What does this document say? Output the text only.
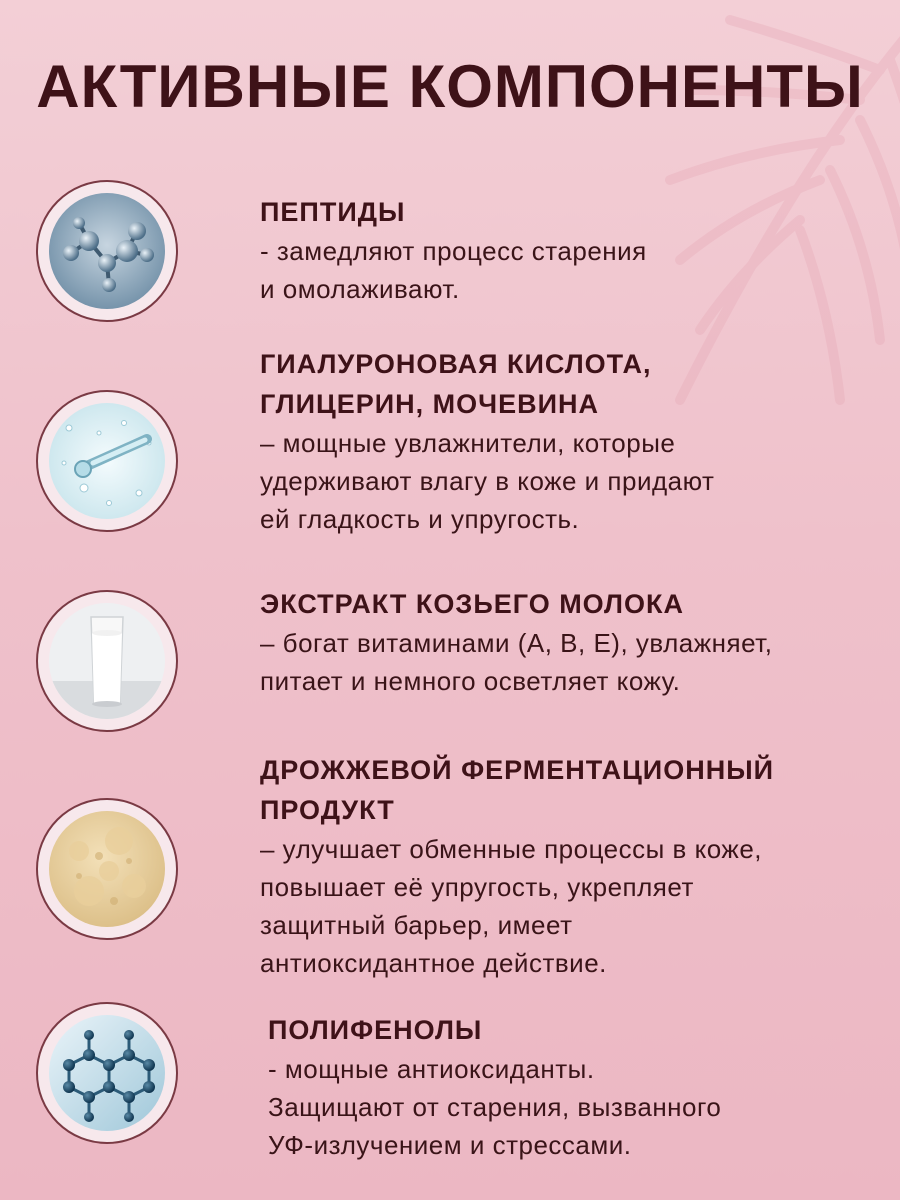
АКТИВНЫЕ КОМПОНЕНТЫ

ПЕПТИДЫ

- замедляют процесс старения

и омолаживают.

ГИАЛУРОНОВАЯ КИСЛОТА,

ГЛИЦЕРИН, МОЧЕВИНА

– мощные увлажнители, которые

удерживают влагу в коже и придают

ей гладкость и упругость.

ЭКСТРАКТ КОЗЬЕГО МОЛОКА

– богат витаминами (А, В, Е), увлажняет,

питает и немного осветляет кожу.

ДРОЖЖЕВОЙ ФЕРМЕНТАЦИОННЫЙ

ПРОДУКТ

– улучшает обменные процессы в коже,

повышает её упругость, укрепляет

защитный барьер, имеет

антиоксидантное действие.

ПОЛИФЕНОЛЫ

- мощные антиоксиданты.

Защищают от старения, вызванного

УФ-излучением и стрессами.
